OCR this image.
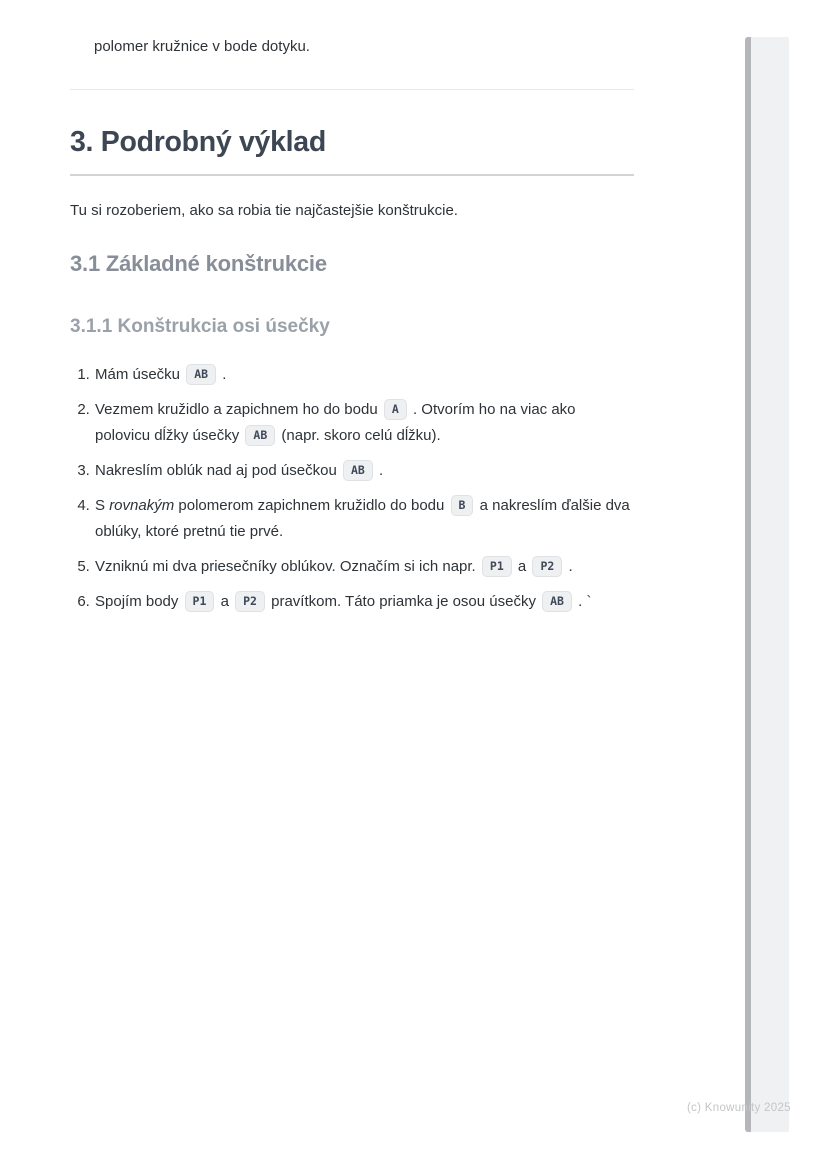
polomer kružnice v bode dotyku.

3. Podrobný výklad

Tu si rozoberiem, ako sa robia tie najčastejšie konštrukcie.

3.1 Základné konštrukcie
3.1.1 Konštrukcia osi úsečky
1. Mám úsečku AB .
2. Vezmem kružidlo a zapichnem ho do bodu A . Otvorím ho na viac ako polovicu dĺžky úsečky AB (napr. skoro celú dĺžku).
3. Nakreslím oblúk nad aj pod úsečkou AB .
4. S rovnakým polomerom zapichnem kružidlo do bodu B a nakreslím ďalšie dva oblúky, ktoré pretnú tie prvé.
5. Vzniknú mi dva priesečníky oblúkov. Označím si ich napr. P1 a P2 .
6. Spojím body P1 a P2 pravítkom. Táto priamka je osou úsečky AB . `
(c) Knowunity 2025
